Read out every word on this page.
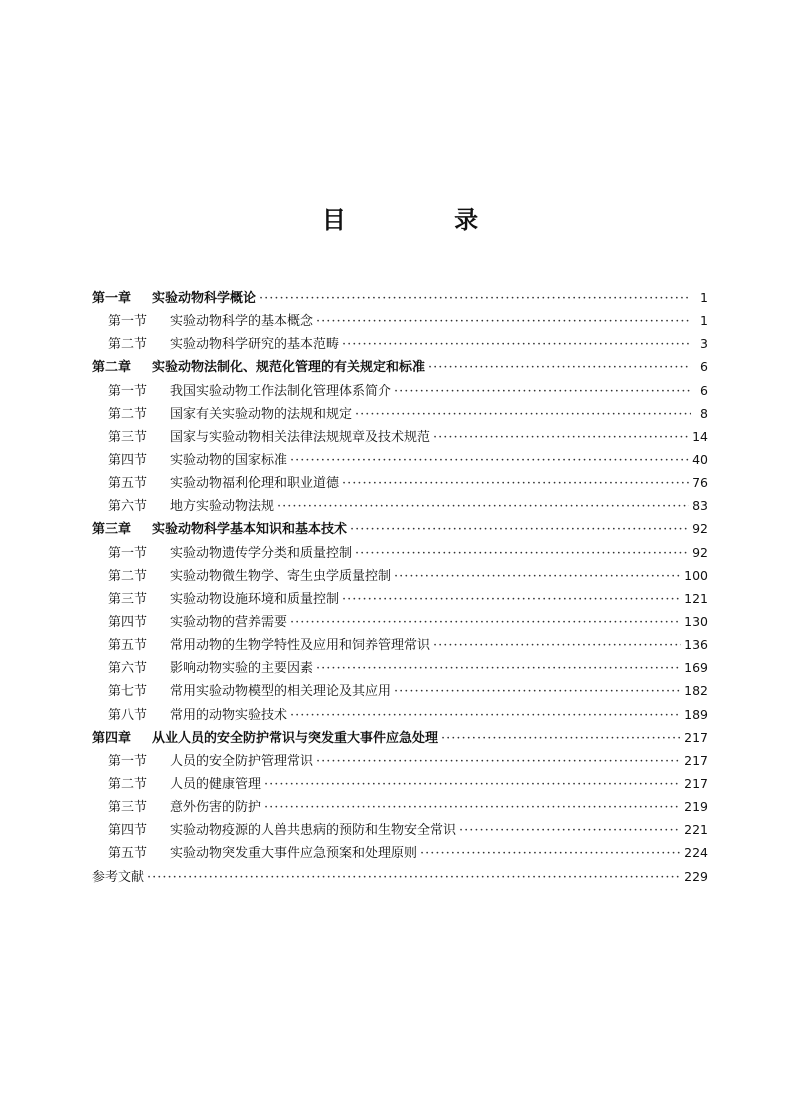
目 录
第一章	实验动物科学概论 ·····	1
第一节	实验动物科学的基本概念 ·····	1
第二节	实验动物科学研究的基本范畴 ·····	3
第二章	实验动物法制化、规范化管理的有关规定和标准 ·····	6
第一节	我国实验动物工作法制化管理体系简介 ·····	6
第二节	国家有关实验动物的法规和规定 ·····	8
第三节	国家与实验动物相关法律法规规章及技术规范 ·····	14
第四节	实验动物的国家标准 ·····	40
第五节	实验动物福利伦理和职业道德 ·····	76
第六节	地方实验动物法规 ·····	83
第三章	实验动物科学基本知识和基本技术 ·····	92
第一节	实验动物遗传学分类和质量控制 ·····	92
第二节	实验动物微生物学、寄生虫学质量控制 ·····	100
第三节	实验动物设施环境和质量控制 ·····	121
第四节	实验动物的营养需要 ·····	130
第五节	常用动物的生物学特性及应用和饲养管理常识 ·····	136
第六节	影响动物实验的主要因素 ·····	169
第七节	常用实验动物模型的相关理论及其应用 ·····	182
第八节	常用的动物实验技术 ·····	189
第四章	从业人员的安全防护常识与突发重大事件应急处理 ·····	217
第一节	人员的安全防护管理常识 ·····	217
第二节	人员的健康管理 ·····	217
第三节	意外伤害的防护 ·····	219
第四节	实验动物疫源的人兽共患病的预防和生物安全常识 ·····	221
第五节	实验动物突发重大事件应急预案和处理原则 ·····	224
参考文献 ·····	229
